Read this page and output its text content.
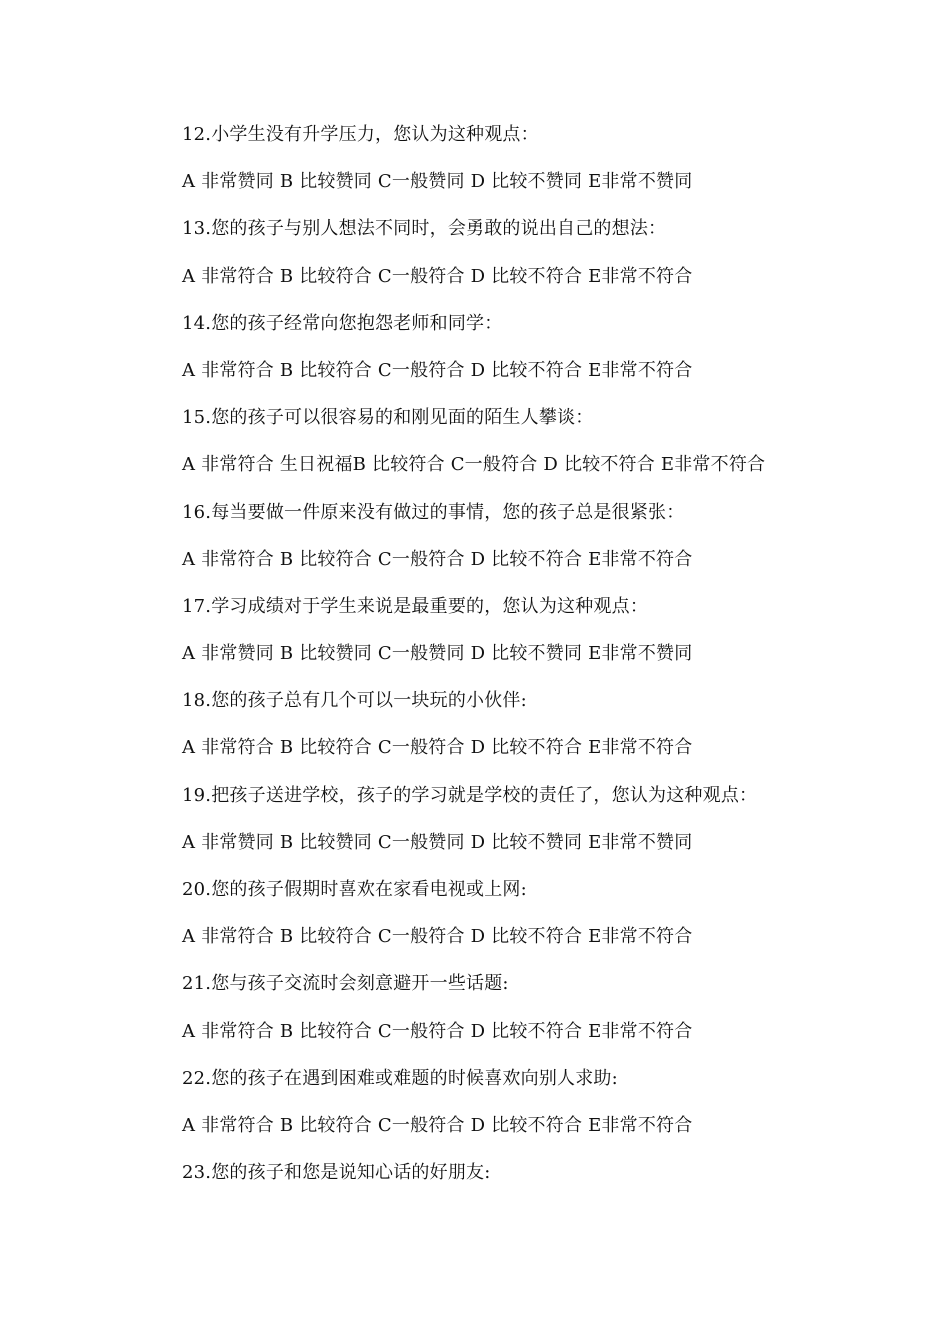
12.小学生没有升学压力，您认为这种观点：
A 非常赞同 B 比较赞同 C一般赞同 D 比较不赞同 E非常不赞同
13.您的孩子与别人想法不同时，会勇敢的说出自己的想法：
A 非常符合 B 比较符合 C一般符合 D 比较不符合 E非常不符合
14.您的孩子经常向您抱怨老师和同学：
A 非常符合 B 比较符合 C一般符合 D 比较不符合 E非常不符合
15.您的孩子可以很容易的和刚见面的陌生人攀谈：
A 非常符合 生日祝福B 比较符合 C一般符合 D 比较不符合 E非常不符合
16.每当要做一件原来没有做过的事情，您的孩子总是很紧张：
A 非常符合 B 比较符合 C一般符合 D 比较不符合 E非常不符合
17.学习成绩对于学生来说是最重要的，您认为这种观点：
A 非常赞同 B 比较赞同 C一般赞同 D 比较不赞同 E非常不赞同
18.您的孩子总有几个可以一块玩的小伙伴:
A 非常符合 B 比较符合 C一般符合 D 比较不符合 E非常不符合
19.把孩子送进学校，孩子的学习就是学校的责任了，您认为这种观点：
A 非常赞同 B 比较赞同 C一般赞同 D 比较不赞同 E非常不赞同
20.您的孩子假期时喜欢在家看电视或上网:
A 非常符合 B 比较符合 C一般符合 D 比较不符合 E非常不符合
21.您与孩子交流时会刻意避开一些话题:
A 非常符合 B 比较符合 C一般符合 D 比较不符合 E非常不符合
22.您的孩子在遇到困难或难题的时候喜欢向别人求助:
A 非常符合 B 比较符合 C一般符合 D 比较不符合 E非常不符合
23.您的孩子和您是说知心话的好朋友:
